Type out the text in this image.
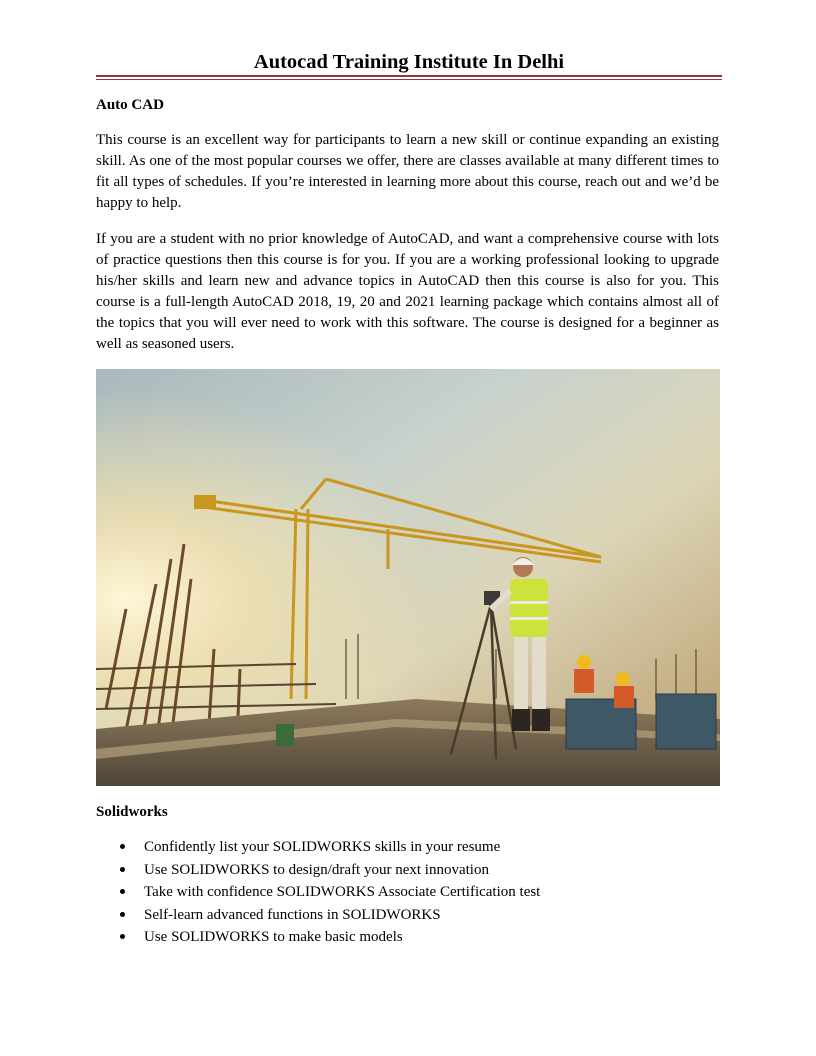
Autocad Training Institute In Delhi
Auto CAD

This course is an excellent way for participants to learn a new skill or continue expanding an existing skill. As one of the most popular courses we offer, there are classes available at many different times to fit all types of schedules. If you’re interested in learning more about this course, reach out and we’d be happy to help.

If you are a student with no prior knowledge of AutoCAD, and want a comprehensive course with lots of practice questions then this course is for you. If you are a working professional looking to upgrade his/her skills and learn new and advance topics in AutoCAD then this course is also for you. This course is a full-length AutoCAD 2018, 19, 20 and 2021 learning package which contains almost all of the topics that you will ever need to work with this software. The course is designed for a beginner as well as seasoned users.

Solidworks
Confidently list your SOLIDWORKS skills in your resume
Use SOLIDWORKS to design/draft your next innovation
Take with confidence SOLIDWORKS Associate Certification test
Self-learn advanced functions in SOLIDWORKS
Use SOLIDWORKS to make basic models
